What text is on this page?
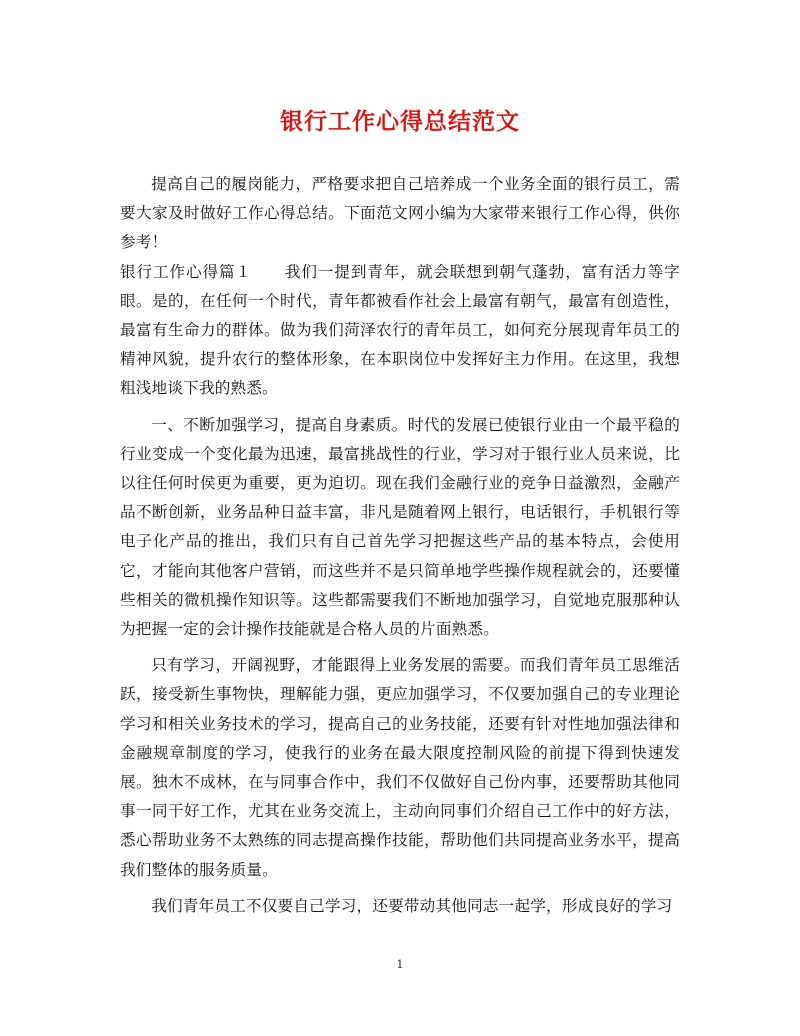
银行工作心得总结范文

提高自己的履岗能力，严格要求把自己培养成一个业务全面的银行员工，需要大家及时做好工作心得总结。下面范文网小编为大家带来银行工作心得，供你参考！

银行工作心得篇１　　我们一提到青年，就会联想到朝气蓬勃，富有活力等字眼。是的，在任何一个时代，青年都被看作社会上最富有朝气，最富有创造性，最富有生命力的群体。做为我们菏泽农行的青年员工，如何充分展现青年员工的精神风貌，提升农行的整体形象，在本职岗位中发挥好主力作用。在这里，我想粗浅地谈下我的熟悉。

一、不断加强学习，提高自身素质。时代的发展已使银行业由一个最平稳的行业变成一个变化最为迅速，最富挑战性的行业，学习对于银行业人员来说，比以往任何时侯更为重要，更为迫切。现在我们金融行业的竞争日益激烈，金融产品不断创新，业务品种日益丰富，非凡是随着网上银行，电话银行，手机银行等电子化产品的推出，我们只有自己首先学习把握这些产品的基本特点，会使用它，才能向其他客户营销，而这些并不是只简单地学些操作规程就会的，还要懂些相关的微机操作知识等。这些都需要我们不断地加强学习，自觉地克服那种认为把握一定的会计操作技能就是合格人员的片面熟悉。

只有学习，开阔视野，才能跟得上业务发展的需要。而我们青年员工思维活跃，接受新生事物快，理解能力强，更应加强学习，不仅要加强自己的专业理论学习和相关业务技术的学习，提高自己的业务技能，还要有针对性地加强法律和金融规章制度的学习，使我行的业务在最大限度控制风险的前提下得到快速发展。独木不成林，在与同事合作中，我们不仅做好自己份内事，还要帮助其他同事一同干好工作，尤其在业务交流上，主动向同事们介绍自己工作中的好方法，悉心帮助业务不太熟练的同志提高操作技能，帮助他们共同提高业务水平，提高我们整体的服务质量。

我们青年员工不仅要自己学习，还要带动其他同志一起学，形成良好的学习

1
